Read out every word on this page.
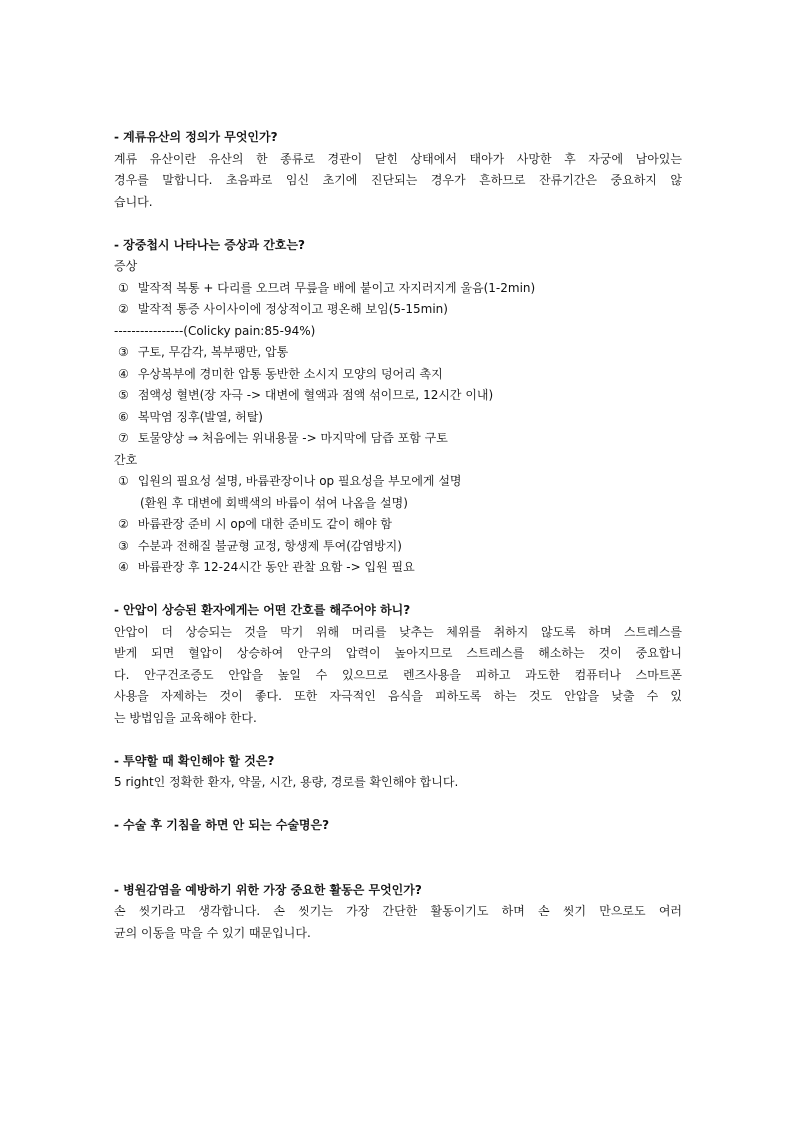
- 계류유산의 정의가 무엇인가?
계류 유산이란 유산의 한 종류로 경관이 닫힌 상태에서 태아가 사망한 후 자궁에 남아있는
경우를 말합니다. 초음파로 임신 초기에 진단되는 경우가 흔하므로 잔류기간은 중요하지 않
습니다.
- 장중첩시 나타나는 증상과 간호는?
증상
① 발작적 복통 + 다리를 오므려 무릎을 배에 붙이고 자지러지게 울음(1-2min)
② 발작적 통증 사이사이에 정상적이고 평온해 보임(5-15min)
----------------(Colicky pain:85-94%)
③ 구토, 무감각, 복부팽만, 압통
④ 우상복부에 경미한 압통 동반한 소시지 모양의 덩어리 촉지
⑤ 점액성 혈변(장 자극 -> 대변에 혈액과 점액 섞이므로, 12시간 이내)
⑥ 복막염 징후(발열, 허탈)
⑦ 토물양상 ⇒ 처음에는 위내용물 -> 마지막에 담즙 포함 구토
간호
① 입원의 필요성 설명, 바륨관장이나 op 필요성을 부모에게 설명
(환원 후 대변에 회백색의 바륨이 섞여 나옴을 설명)
② 바륨관장 준비 시 op에 대한 준비도 같이 해야 함
③ 수분과 전해질 불균형 교정, 항생제 투여(감염방지)
④ 바륨관장 후 12-24시간 동안 관찰 요함 -> 입원 필요
- 안압이 상승된 환자에게는 어떤 간호를 해주어야 하니?
안압이 더 상승되는 것을 막기 위해 머리를 낮추는 체위를 취하지 않도록 하며 스트레스를
받게 되면 혈압이 상승하여 안구의 압력이 높아지므로 스트레스를 해소하는 것이 중요합니
다. 안구건조증도 안압을 높일 수 있으므로 렌즈사용을 피하고 과도한 컴퓨터나 스마트폰
사용을 자제하는 것이 좋다. 또한 자극적인 음식을 피하도록 하는 것도 안압을 낮출 수 있
는 방법임을 교육해야 한다.
- 투약할 때 확인해야 할 것은?
5 right인 정확한 환자, 약물, 시간, 용량, 경로를 확인해야 합니다.
- 수술 후 기침을 하면 안 되는 수술명은?
- 병원감염을 예방하기 위한 가장 중요한 활동은 무엇인가?
손 씻기라고 생각합니다. 손 씻기는 가장 간단한 활동이기도 하며 손 씻기 만으로도 여러
균의 이동을 막을 수 있기 때문입니다.
